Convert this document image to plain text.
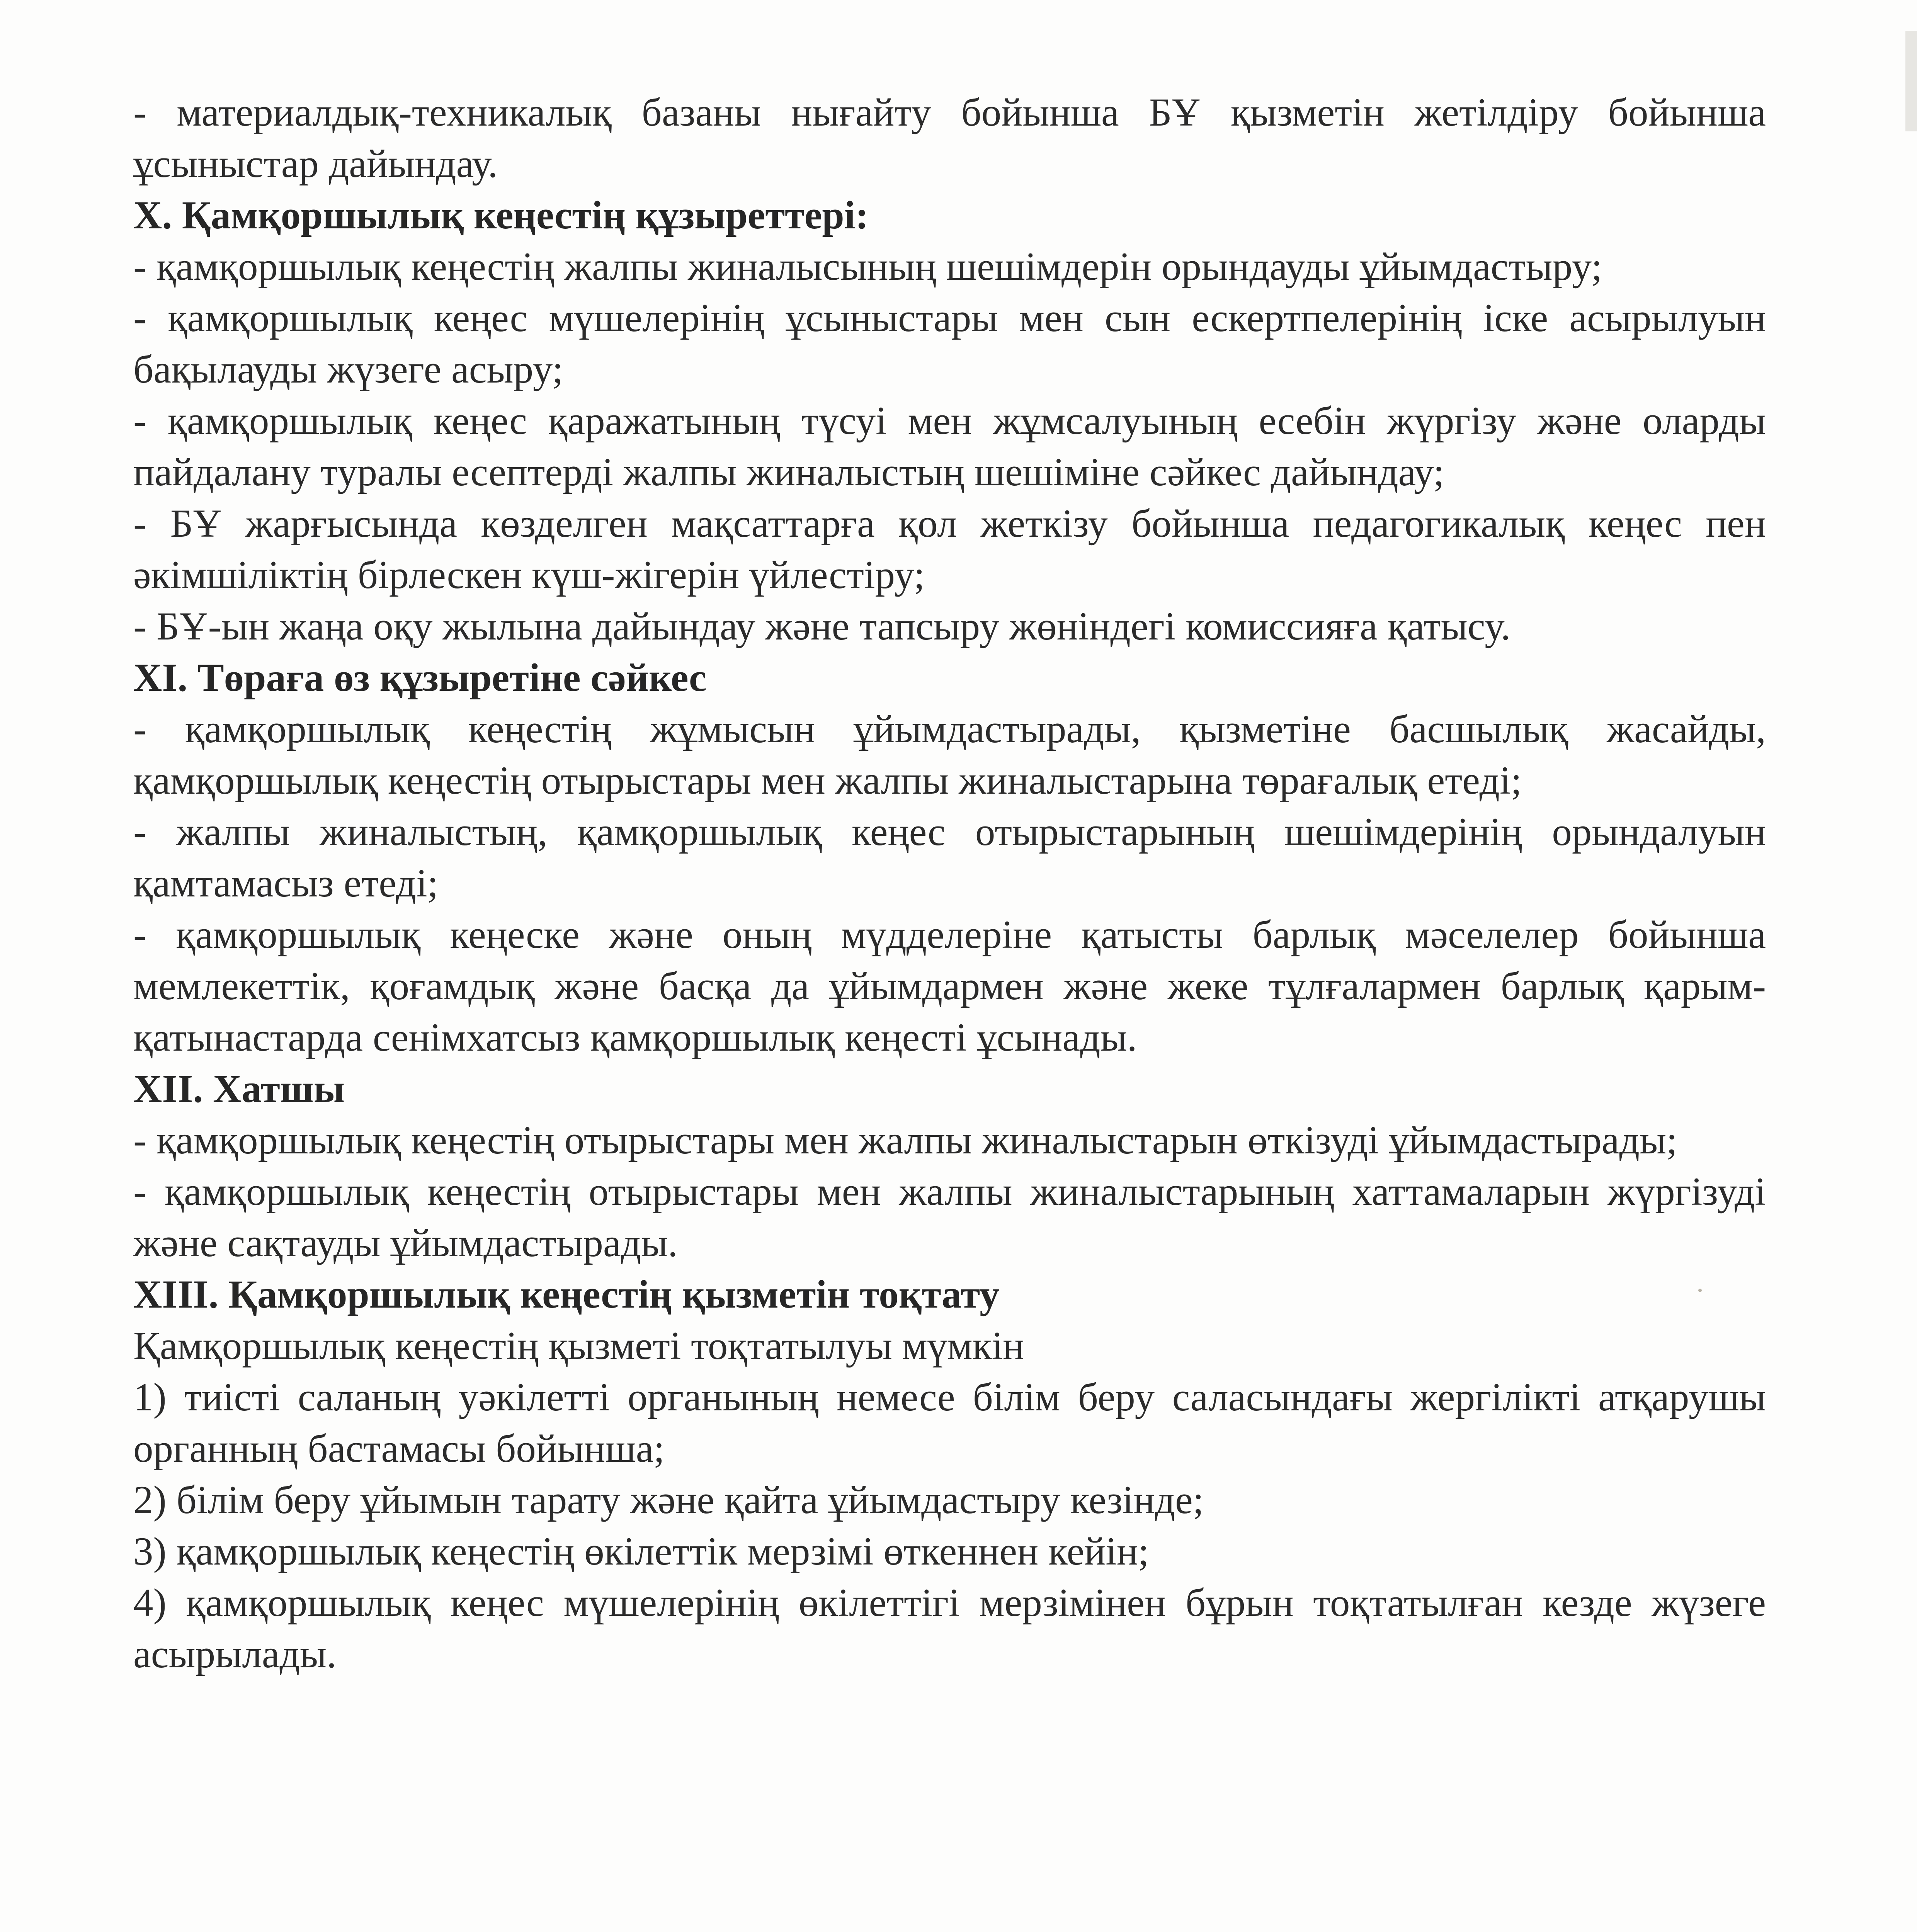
- материалдық-техникалық базаны нығайту бойынша БҰ қызметін жетілдіру бойынша ұсыныстар дайындау.

X. Қамқоршылық кеңестің құзыреттері:

- қамқоршылық кеңестің жалпы жиналысының шешімдерін орындауды ұйымдастыру;

- қамқоршылық кеңес мүшелерінің ұсыныстары мен сын ескертпелерінің іске асырылуын бақылауды жүзеге асыру;

- қамқоршылық кеңес қаражатының түсуі мен жұмсалуының есебін жүргізу және оларды пайдалану туралы есептерді жалпы жиналыстың шешіміне сәйкес дайындау;

- БҰ жарғысында көзделген мақсаттарға қол жеткізу бойынша педагогикалық кеңес пен әкімшіліктің бірлескен күш-жігерін үйлестіру;

- БҰ-ын жаңа оқу жылына дайындау және тапсыру жөніндегі комиссияға қатысу.

XI. Төраға өз құзыретіне сәйкес

- қамқоршылық кеңестің жұмысын ұйымдастырады, қызметіне басшылық жасайды, қамқоршылық кеңестің отырыстары мен жалпы жиналыстарына төрағалық етеді;

- жалпы жиналыстың, қамқоршылық кеңес отырыстарының шешімдерінің орындалуын қамтамасыз етеді;

- қамқоршылық кеңеске және оның мүдделеріне қатысты барлық мәселелер бойынша мемлекеттік, қоғамдық және басқа да ұйымдармен және жеке тұлғалармен барлық қарым-қатынастарда сенімхатсыз қамқоршылық кеңесті ұсынады.

XII. Хатшы

- қамқоршылық кеңестің отырыстары мен жалпы жиналыстарын өткізуді ұйымдастырады;

- қамқоршылық кеңестің отырыстары мен жалпы жиналыстарының хаттамаларын жүргізуді және сақтауды ұйымдастырады.

XIII. Қамқоршылық кеңестің қызметін тоқтату

Қамқоршылық кеңестің қызметі тоқтатылуы мүмкін

1) тиісті саланың уәкілетті органының немесе білім беру саласындағы жергілікті атқарушы органның бастамасы бойынша;

2) білім беру ұйымын тарату және қайта ұйымдастыру кезінде;

3) қамқоршылық кеңестің өкілеттік мерзімі өткеннен кейін;

4) қамқоршылық кеңес мүшелерінің өкілеттігі мерзімінен бұрын тоқтатылған кезде жүзеге асырылады.
